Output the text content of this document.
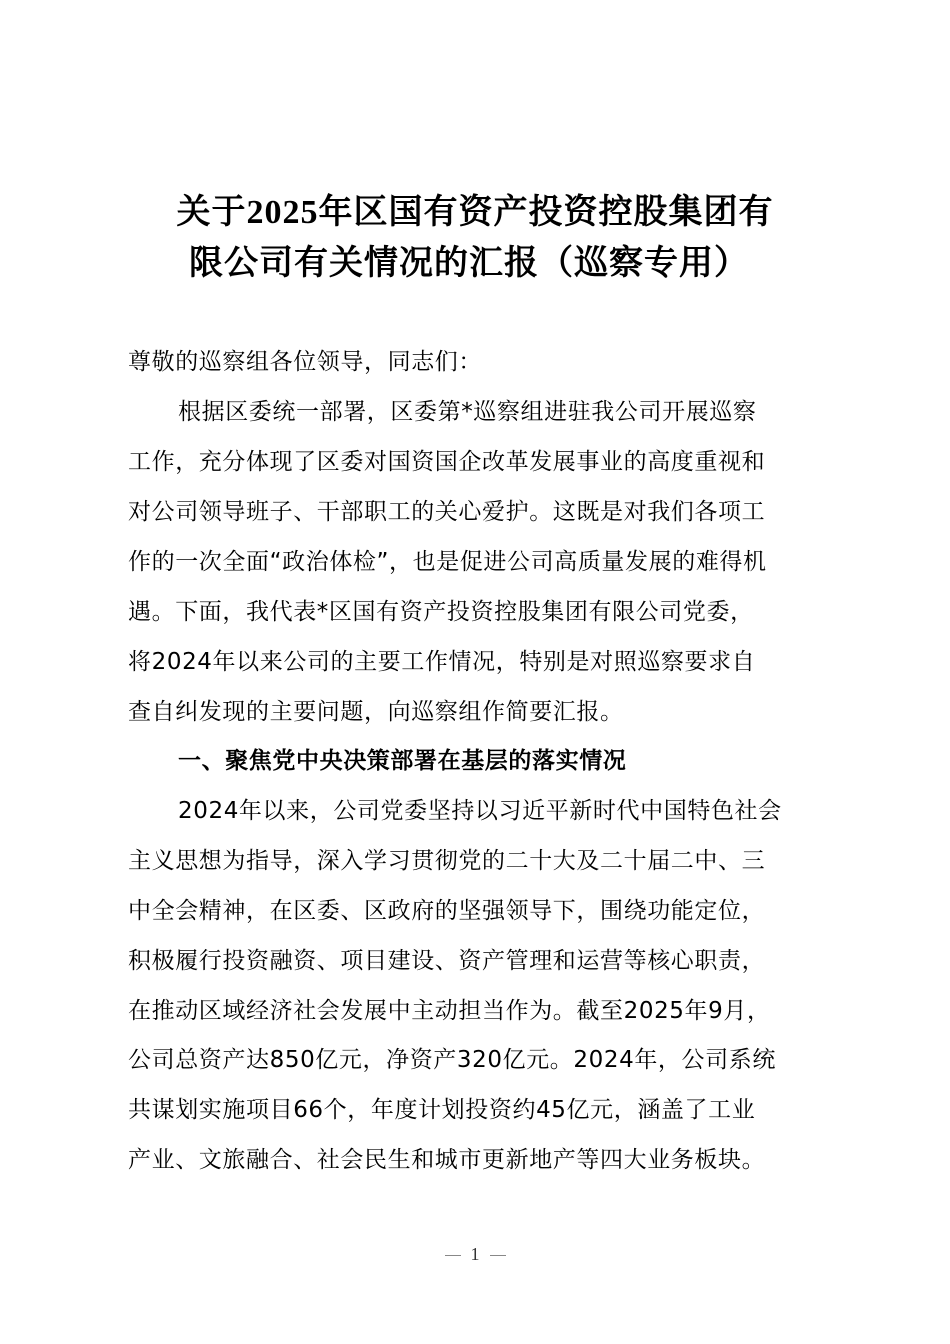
关于2025年区国有资产投资控股集团有
限公司有关情况的汇报（巡察专用）
尊敬的巡察组各位领导，同志们：
根据区委统一部署，区委第*巡察组进驻我公司开展巡察
工作，充分体现了区委对国资国企改革发展事业的高度重视和
对公司领导班子、干部职工的关心爱护。这既是对我们各项工
作的一次全面“政治体检”，也是促进公司高质量发展的难得机
遇。下面，我代表*区国有资产投资控股集团有限公司党委，
将2024年以来公司的主要工作情况，特别是对照巡察要求自
查自纠发现的主要问题，向巡察组作简要汇报。
一、聚焦党中央决策部署在基层的落实情况
2024年以来，公司党委坚持以习近平新时代中国特色社会
主义思想为指导，深入学习贯彻党的二十大及二十届二中、三
中全会精神，在区委、区政府的坚强领导下，围绕功能定位，
积极履行投资融资、项目建设、资产管理和运营等核心职责，
在推动区域经济社会发展中主动担当作为。截至2025年9月，
公司总资产达850亿元，净资产320亿元。2024年，公司系统
共谋划实施项目66个，年度计划投资约45亿元，涵盖了工业
产业、文旅融合、社会民生和城市更新地产等四大业务板块。
1
